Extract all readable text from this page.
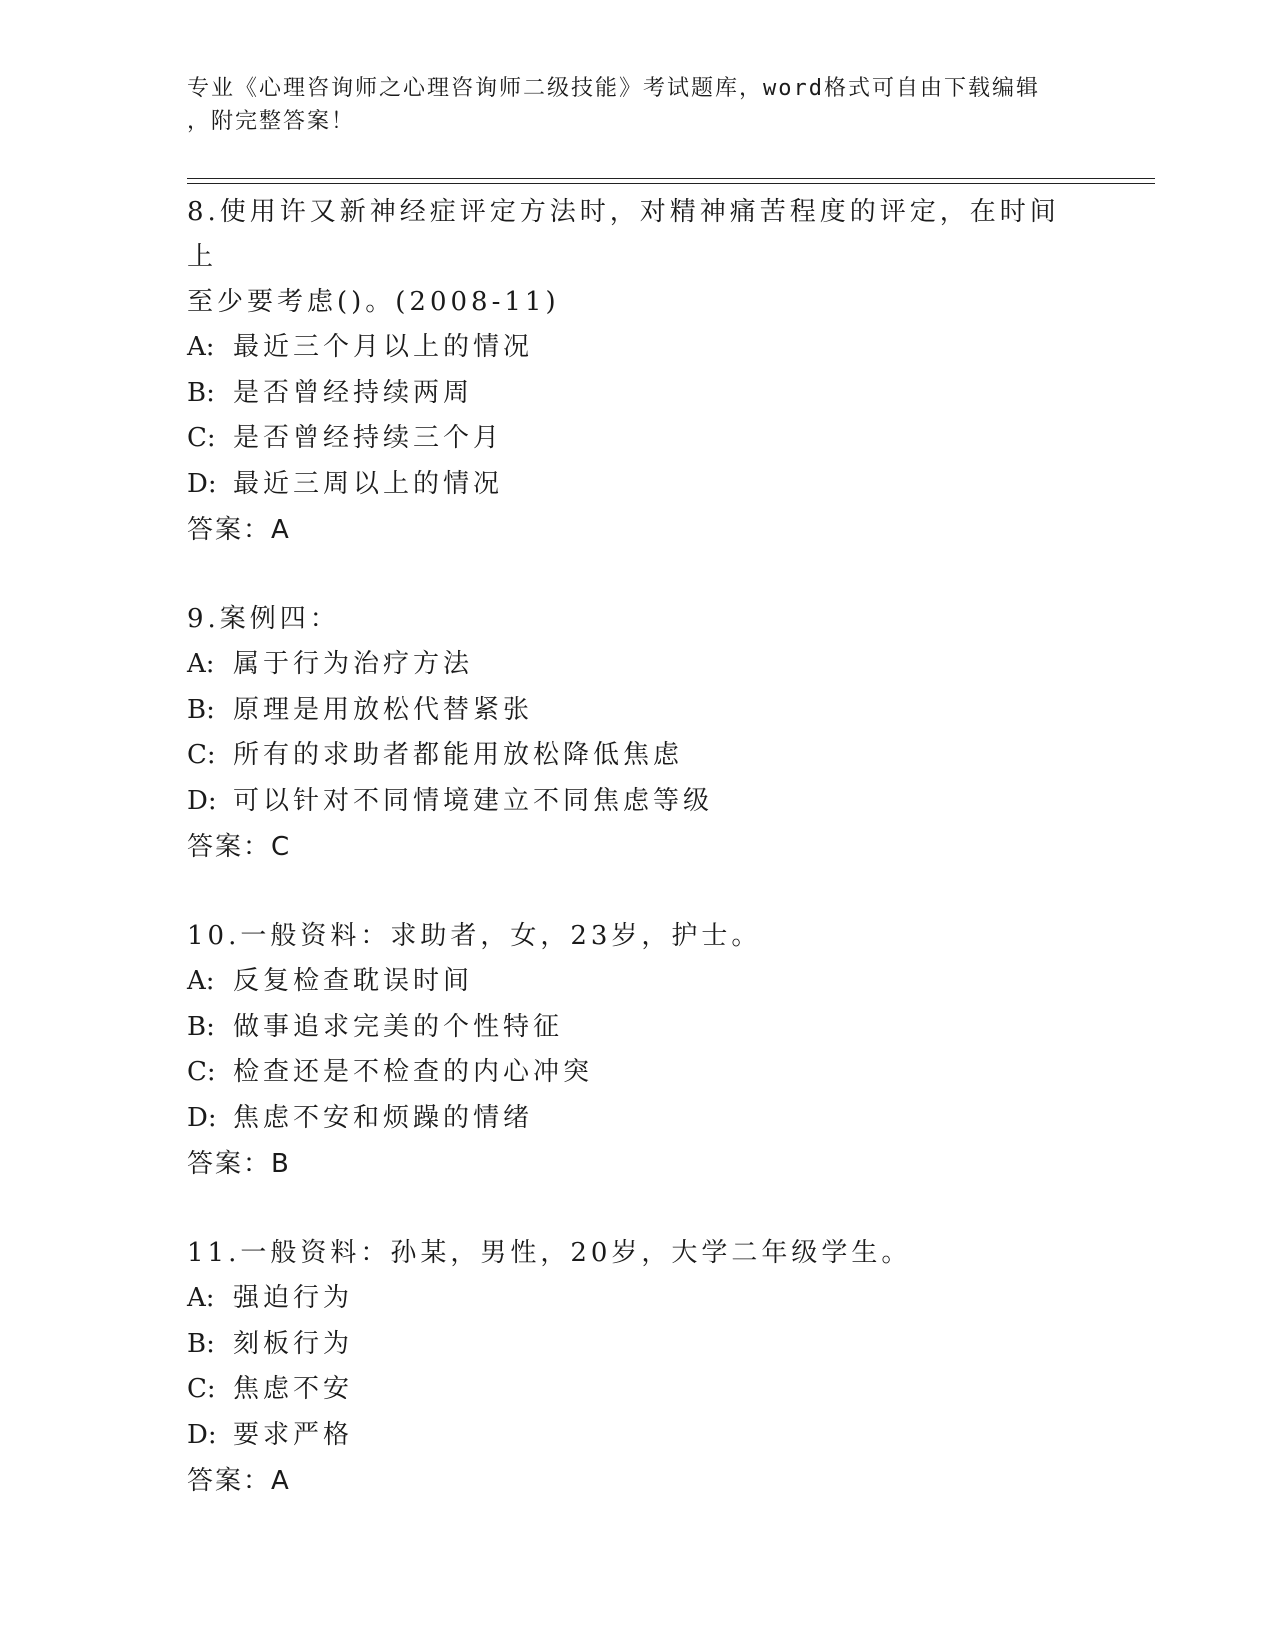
专业《心理咨询师之心理咨询师二级技能》考试题库，word格式可自由下载编辑
，附完整答案！

8.使用许又新神经症评定方法时，对精神痛苦程度的评定，在时间上

至少要考虑()。(2008-11)

A: 最近三个月以上的情况

B: 是否曾经持续两周

C: 是否曾经持续三个月

D: 最近三周以上的情况

答案：A

9.案例四：

A: 属于行为治疗方法

B: 原理是用放松代替紧张

C: 所有的求助者都能用放松降低焦虑

D: 可以针对不同情境建立不同焦虑等级

答案：C

10.一般资料：求助者，女，23岁，护士。

A: 反复检查耽误时间

B: 做事追求完美的个性特征

C: 检查还是不检查的内心冲突

D: 焦虑不安和烦躁的情绪

答案：B

11.一般资料：孙某，男性，20岁，大学二年级学生。

A: 强迫行为

B: 刻板行为

C: 焦虑不安

D: 要求严格

答案：A
